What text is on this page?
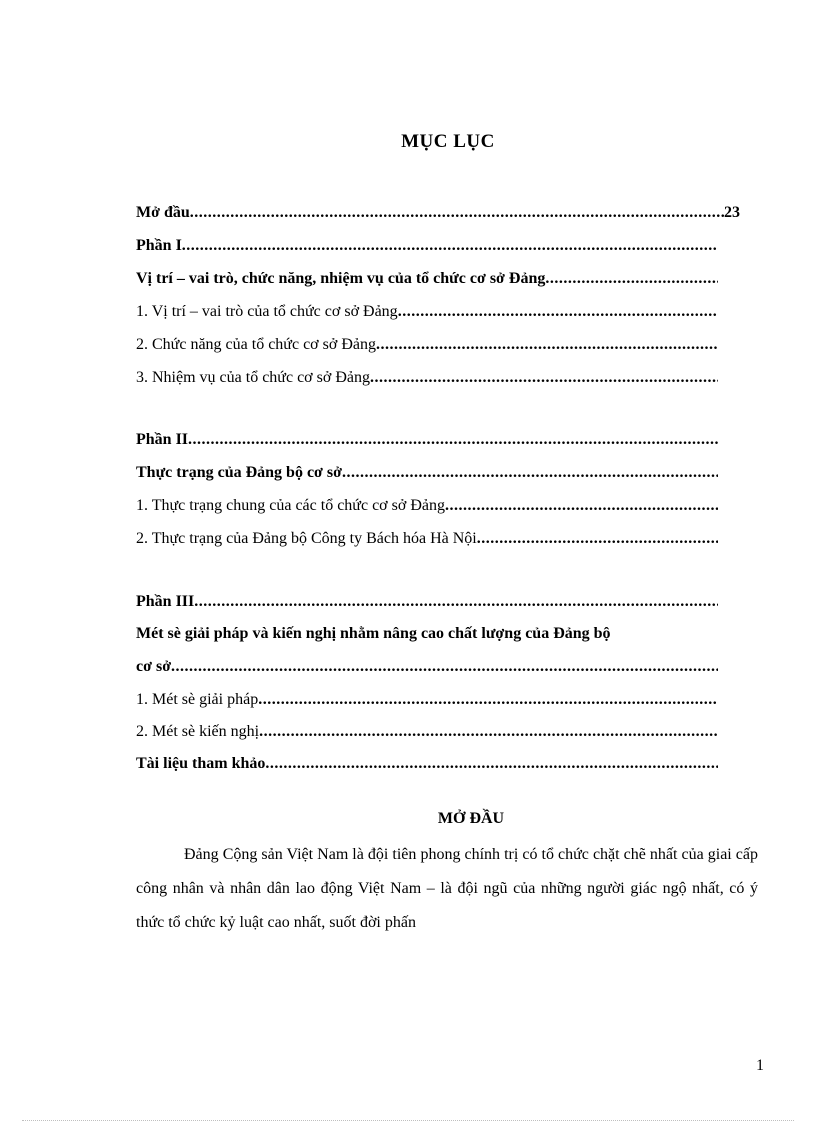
MỤC LỤC
Mở đầu
.....	23
Phần I
.....
Vị trí – vai trò, chức năng, nhiệm vụ của tổ chức cơ sở Đảng
.....
1. Vị trí – vai trò của tổ chức cơ sở Đảng
.....
2. Chức năng của tổ chức cơ sở Đảng
.....
3. Nhiệm vụ của tổ chức cơ sở Đảng
.....
Phần II
.....
Thực trạng của Đảng bộ cơ sở
.....
1. Thực trạng chung của các tổ chức cơ sở Đảng
.....
2. Thực trạng của Đảng bộ Công ty Bách hóa Hà Nội
.....
Phần III
.....
Mét sè giải pháp và kiến nghị nhằm nâng cao chất lượng của Đảng bộ
cơ sở
.....
1. Mét sè giải pháp
.....
2. Mét sè kiến nghị
.....
Tài liệu tham khảo
.....
MỞ ĐẦU

Đảng Cộng sản Việt Nam là đội tiên phong chính trị có tổ chức chặt chẽ nhất của giai cấp công nhân và nhân dân lao động Việt Nam – là đội ngũ của những người giác ngộ nhất, có ý thức tổ chức kỷ luật cao nhất, suốt đời phấn

1
